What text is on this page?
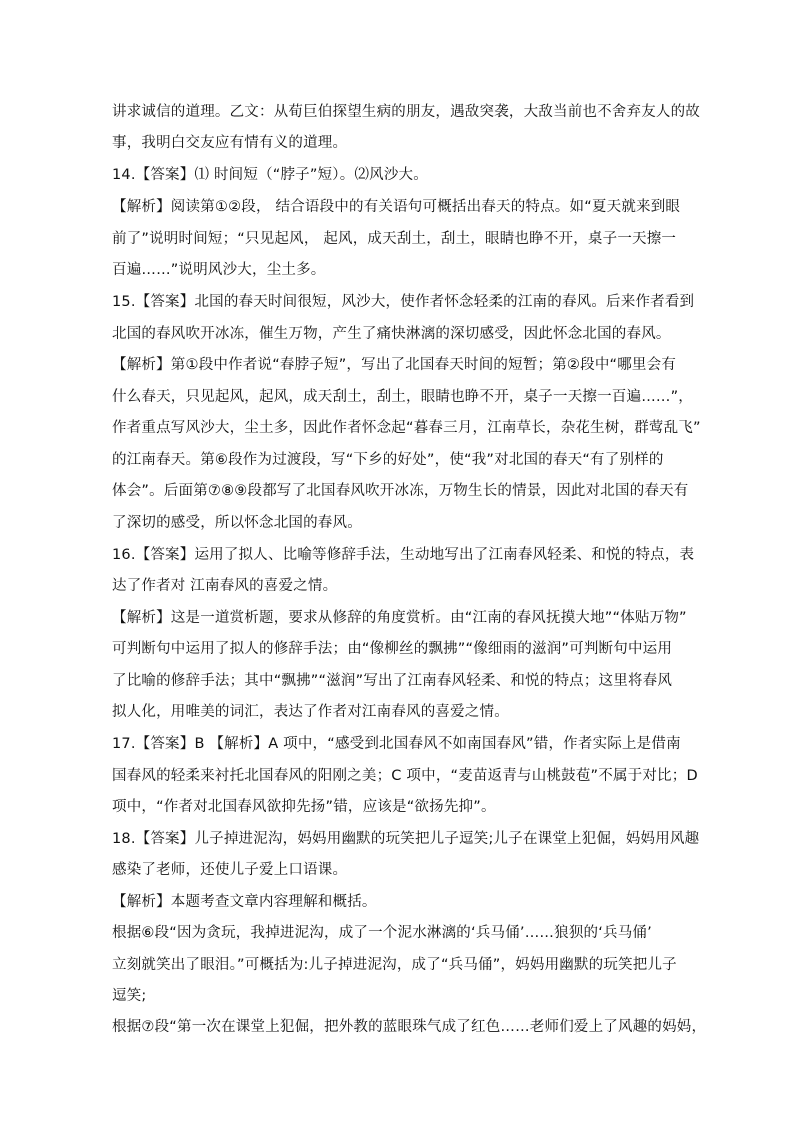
讲求诚信的道理。乙文：从荀巨伯探望生病的朋友，遇敌突袭，大敌当前也不舍弃友人的故
事，我明白交友应有情有义的道理。
14.【答案】⑴ 时间短（“脖子”短）。⑵风沙大。
【解析】阅读第①②段， 结合语段中的有关语句可概括出春天的特点。如“夏天就来到眼
前了”说明时间短；“只见起风， 起风，成天刮土，刮土，眼睛也睁不开，桌子一天擦一
百遍……”说明风沙大，尘土多。
15.【答案】北国的春天时间很短，风沙大，使作者怀念轻柔的江南的春风。后来作者看到
北国的春风吹开冰冻，催生万物，产生了痛快淋漓的深切感受，因此怀念北国的春风。
【解析】第①段中作者说“春脖子短”，写出了北国春天时间的短暂；第②段中“哪里会有
什么春天，只见起风，起风，成天刮土，刮土，眼睛也睁不开，桌子一天擦一百遍……”，
作者重点写风沙大，尘土多，因此作者怀念起“暮春三月，江南草长，杂花生树，群莺乱飞”
的江南春天。第⑥段作为过渡段，写“下乡的好处”，使“我”对北国的春天“有了别样的
体会”。后面第⑦⑧⑨段都写了北国春风吹开冰冻，万物生长的情景，因此对北国的春天有
了深切的感受，所以怀念北国的春风。
16.【答案】运用了拟人、比喻等修辞手法，生动地写出了江南春风轻柔、和悦的特点，表
达了作者对 江南春风的喜爱之情。
【解析】这是一道赏析题，要求从修辞的角度赏析。由“江南的春风抚摸大地”“体贴万物”
可判断句中运用了拟人的修辞手法；由“像柳丝的飘拂”“像细雨的滋润”可判断句中运用
了比喻的修辞手法；其中“飘拂”“滋润”写出了江南春风轻柔、和悦的特点；这里将春风
拟人化，用唯美的词汇，表达了作者对江南春风的喜爱之情。
17.【答案】B 【解析】A 项中，“感受到北国春风不如南国春风”错，作者实际上是借南
国春风的轻柔来衬托北国春风的阳刚之美；C 项中，“麦苗返青与山桃鼓苞”不属于对比；D
项中，“作者对北国春风欲抑先扬”错，应该是“欲扬先抑”。
18.【答案】儿子掉进泥沟，妈妈用幽默的玩笑把儿子逗笑;儿子在课堂上犯倔，妈妈用风趣
感染了老师，还使儿子爱上口语课。
【解析】本题考查文章内容理解和概括。
根据⑥段“因为贪玩，我掉进泥沟，成了一个泥水淋漓的‘兵马俑’……狼狈的‘兵马俑’
立刻就笑出了眼泪。”可概括为:儿子掉进泥沟，成了“兵马俑”，妈妈用幽默的玩笑把儿子
逗笑;
根据⑦段“第一次在课堂上犯倔，把外教的蓝眼珠气成了红色……老师们爱上了风趣的妈妈，
